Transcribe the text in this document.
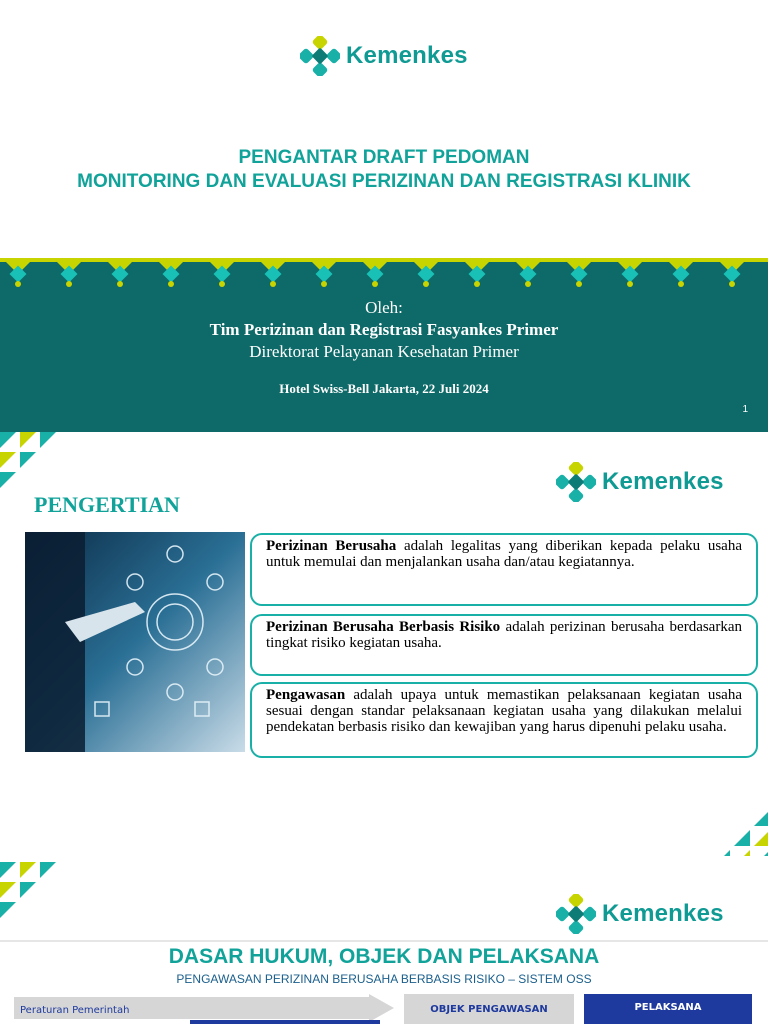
Kemenkes
PENGANTAR DRAFT PEDOMAN
MONITORING DAN EVALUASI PERIZINAN DAN REGISTRASI KLINIK
Oleh:
Tim Perizinan dan Registrasi Fasyankes Primer
Direktorat Pelayanan Kesehatan Primer
Hotel Swiss-Bell Jakarta, 22 Juli 2024
1
Kemenkes
PENGERTIAN
Perizinan Berusaha adalah legalitas yang diberikan kepada pelaku usaha untuk memulai dan menjalankan usaha dan/atau kegiatannya.
Perizinan Berusaha Berbasis Risiko adalah perizinan berusaha berdasarkan tingkat risiko kegiatan usaha.
Pengawasan adalah upaya untuk memastikan pelaksanaan kegiatan usaha sesuai dengan standar pelaksanaan kegiatan usaha yang dilakukan melalui pendekatan berbasis risiko dan kewajiban yang harus dipenuhi pelaku usaha.
Kemenkes
DASAR HUKUM, OBJEK DAN PELAKSANA
PENGAWASAN PERIZINAN BERUSAHA BERBASIS RISIKO – SISTEM OSS
Peraturan Pemerintah	OBJEK PENGAWASAN	PELAKSANA
